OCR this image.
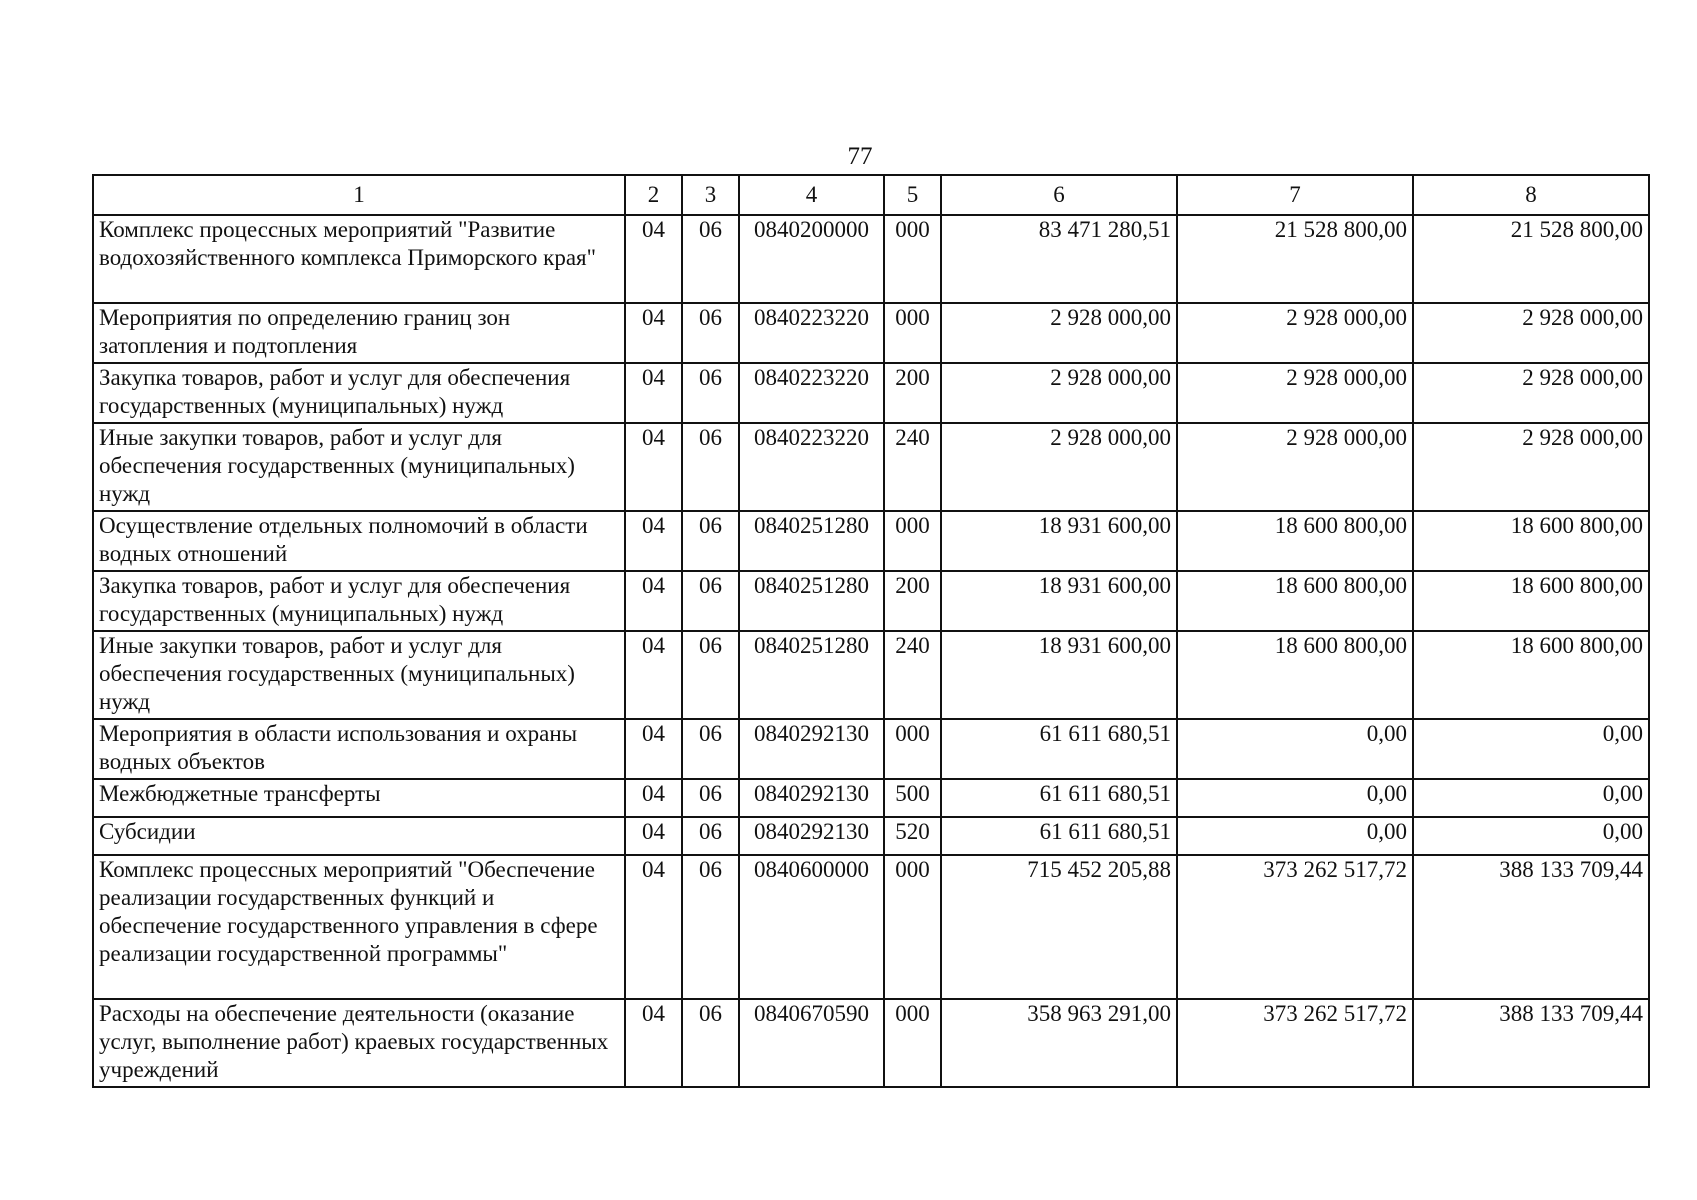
77
1	2	3	4	5	6	7	8
Комплекс процессных мероприятий "Развитие водохозяйственного комплекса Приморского края"	04	06	0840200000	000	83 471 280,51	21 528 800,00	21 528 800,00
Мероприятия по определению границ зон затопления и подтопления	04	06	0840223220	000	2 928 000,00	2 928 000,00	2 928 000,00
Закупка товаров, работ и услуг для обеспечения государственных (муниципальных) нужд	04	06	0840223220	200	2 928 000,00	2 928 000,00	2 928 000,00
Иные закупки товаров, работ и услуг для обеспечения государственных (муниципальных) нужд	04	06	0840223220	240	2 928 000,00	2 928 000,00	2 928 000,00
Осуществление отдельных полномочий в области водных отношений	04	06	0840251280	000	18 931 600,00	18 600 800,00	18 600 800,00
Закупка товаров, работ и услуг для обеспечения государственных (муниципальных) нужд	04	06	0840251280	200	18 931 600,00	18 600 800,00	18 600 800,00
Иные закупки товаров, работ и услуг для обеспечения государственных (муниципальных) нужд	04	06	0840251280	240	18 931 600,00	18 600 800,00	18 600 800,00
Мероприятия в области использования и охраны водных объектов	04	06	0840292130	000	61 611 680,51	0,00	0,00
Межбюджетные трансферты	04	06	0840292130	500	61 611 680,51	0,00	0,00
Субсидии	04	06	0840292130	520	61 611 680,51	0,00	0,00
Комплекс процессных мероприятий "Обеспечение реализации государственных функций и обеспечение государственного управления в сфере реализации государственной программы"	04	06	0840600000	000	715 452 205,88	373 262 517,72	388 133 709,44
Расходы на обеспечение деятельности (оказание услуг, выполнение работ) краевых государственных учреждений	04	06	0840670590	000	358 963 291,00	373 262 517,72	388 133 709,44
